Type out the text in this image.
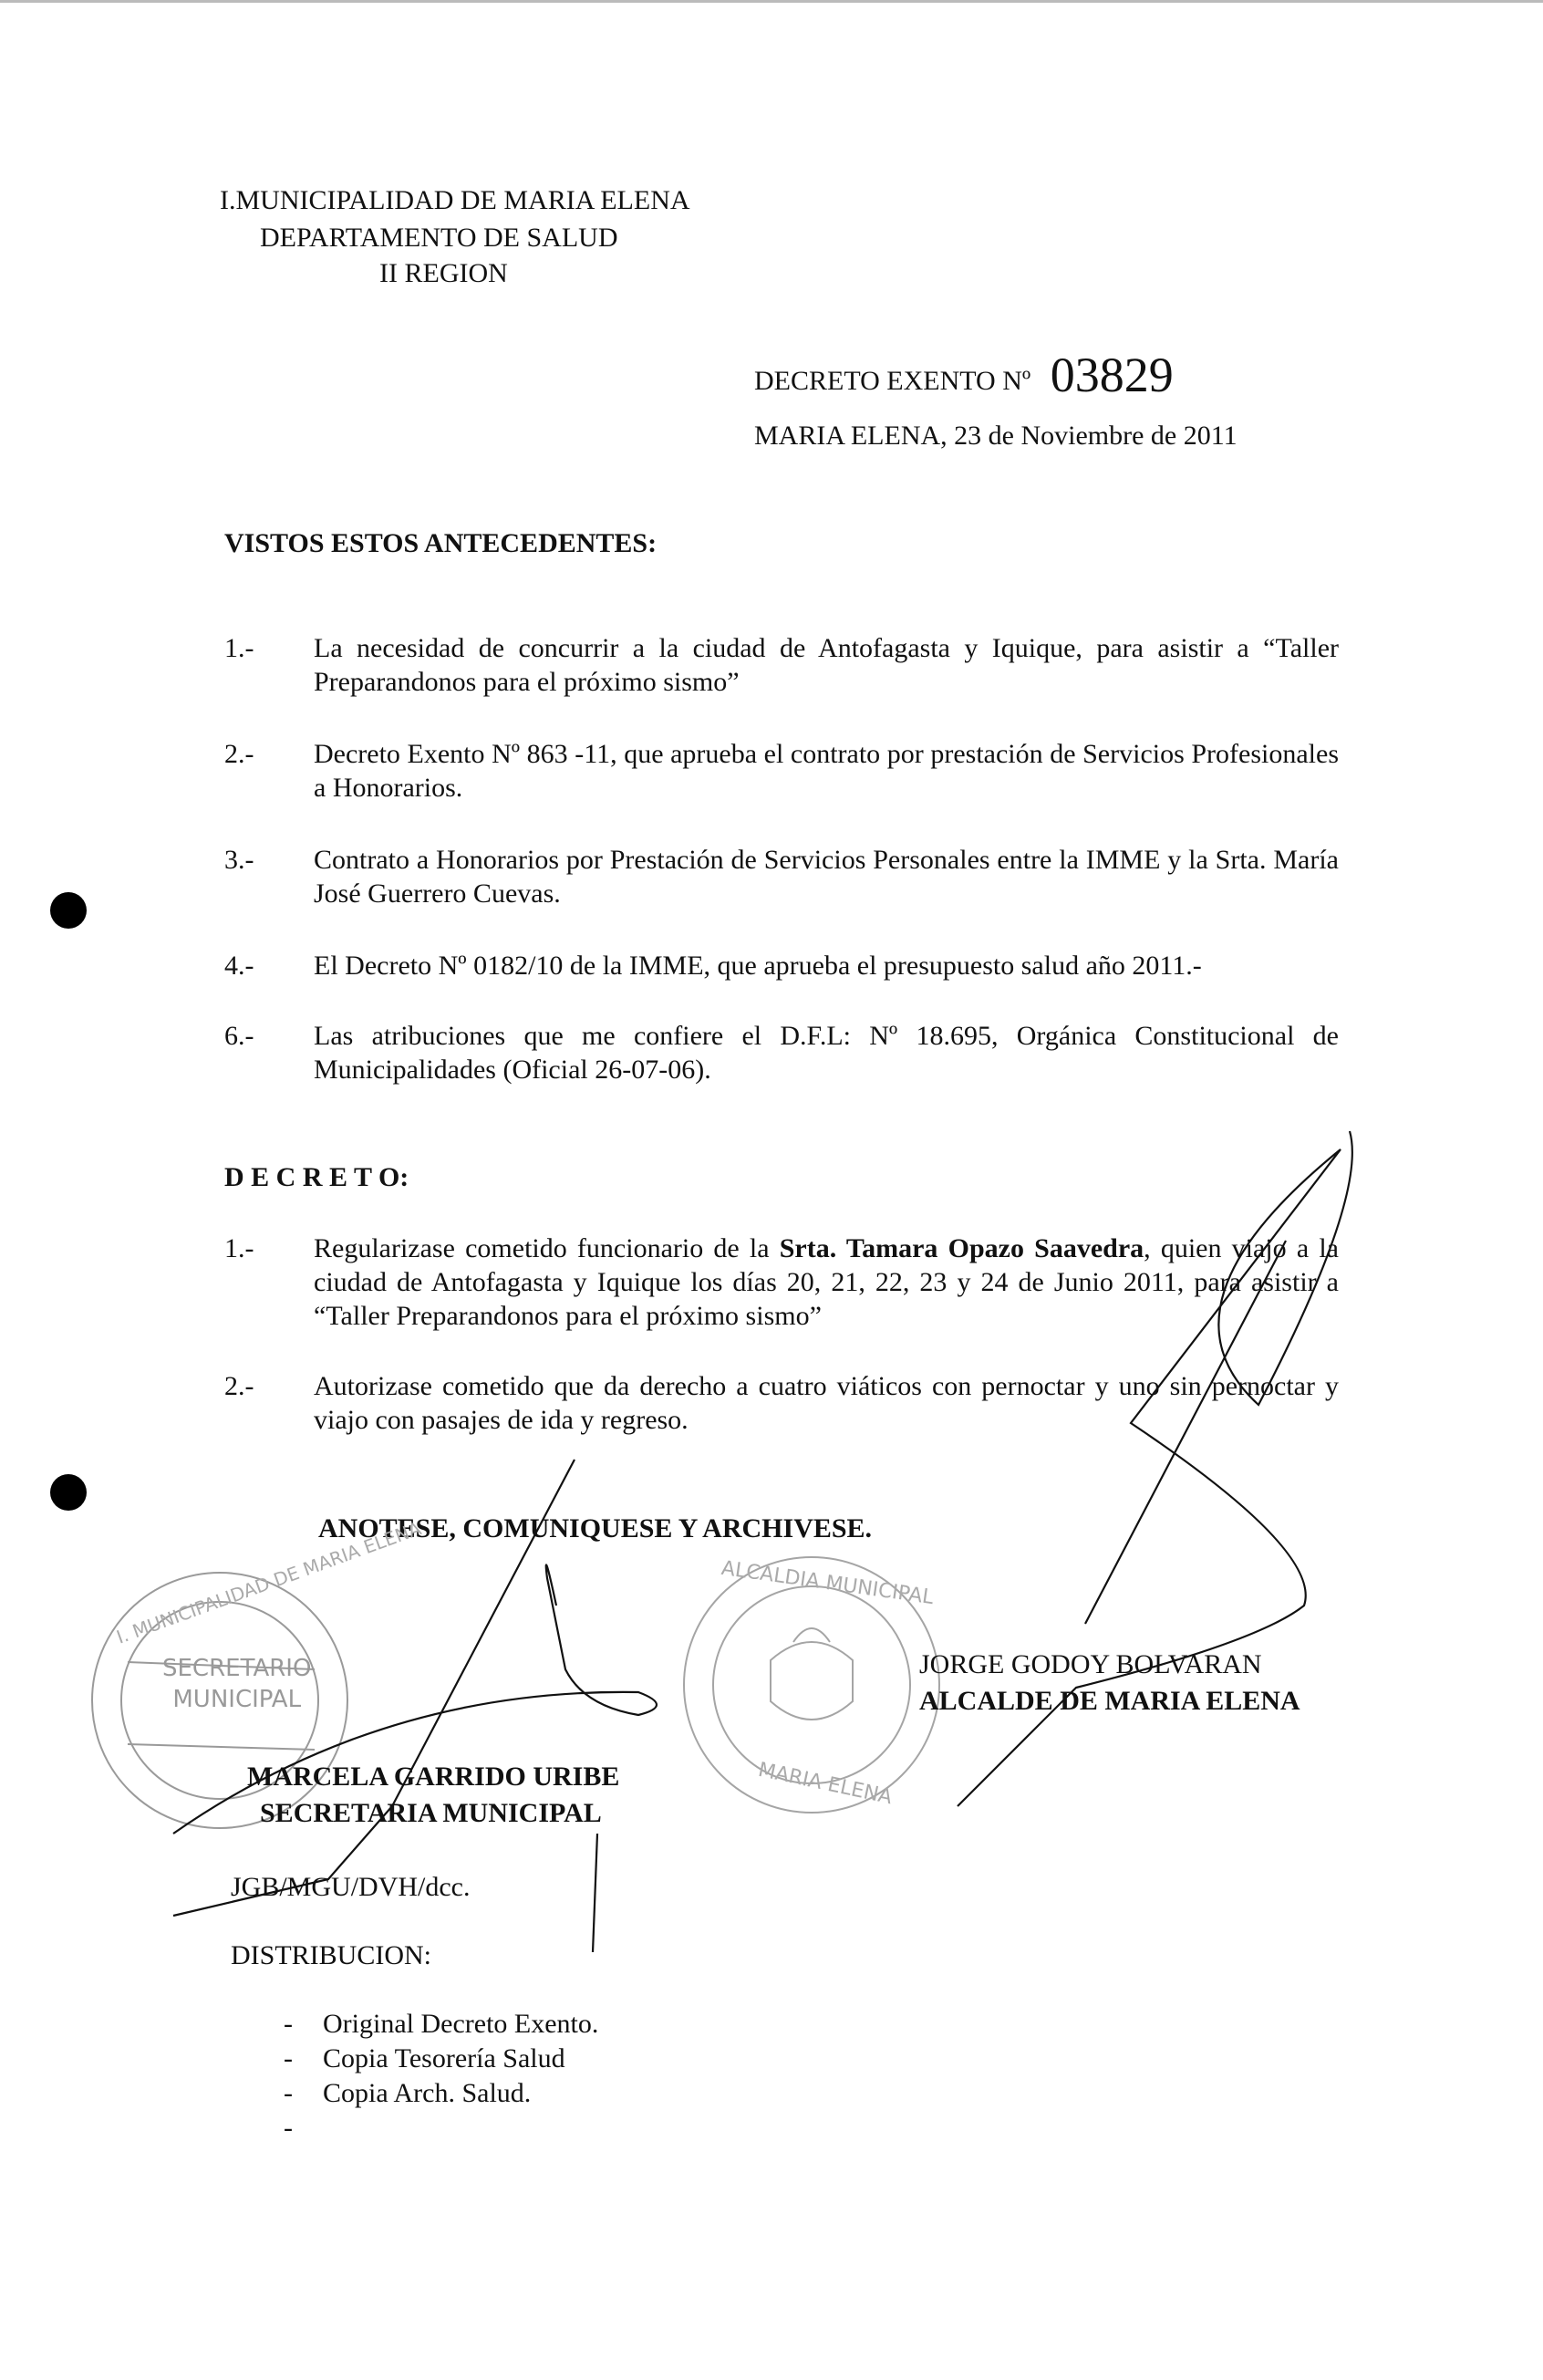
I.MUNICIPALIDAD DE MARIA ELENA
DEPARTAMENTO DE SALUD
II REGION
DECRETO EXENTO Nº 03829
MARIA ELENA, 23 de Noviembre de 2011
VISTOS ESTOS ANTECEDENTES:
1.- La necesidad de concurrir a la ciudad de Antofagasta y Iquique, para asistir a “Taller Preparandonos para el próximo sismo”
2.- Decreto Exento Nº 863 -11, que aprueba el contrato por prestación de Servicios Profesionales a Honorarios.
3.- Contrato a Honorarios por Prestación de Servicios Personales entre la IMME y la Srta. María José Guerrero Cuevas.
4.- El Decreto Nº 0182/10 de la IMME, que aprueba el presupuesto salud año 2011.-
6.- Las atribuciones que me confiere el D.F.L: Nº 18.695, Orgánica Constitucional de Municipalidades (Oficial 26-07-06).
D E C R E T O:
1.- Regularizase cometido funcionario de la Srta. Tamara Opazo Saavedra, quien viajo a la ciudad de Antofagasta y Iquique los días 20, 21, 22, 23 y 24 de Junio 2011, para asistir a “Taller Preparandonos para el próximo sismo”
2.- Autorizase cometido que da derecho a cuatro viáticos con pernoctar y uno sin pernoctar y viajo con pasajes de ida y regreso.
ANOTESE, COMUNIQUESE Y ARCHIVESE.
SECRETARIO
MUNICIPAL
I. MUNICIPALIDAD DE MARIA ELENA	ALCALDIA MUNICIPAL
MARIA ELENA
JORGE GODOY BOLVARAN
ALCALDE DE MARIA ELENA
MARCELA GARRIDO URIBE
SECRETARIA MUNICIPAL
JGB/MGU/DVH/dcc.
DISTRIBUCION:
- Original Decreto Exento.
- Copia Tesorería Salud
- Copia Arch. Salud.
-
